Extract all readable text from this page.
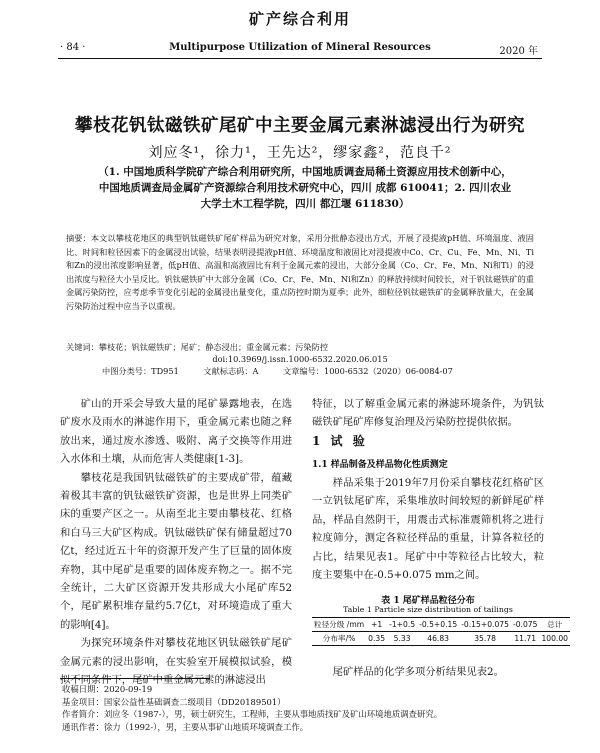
矿产综合利用
· 84 ·	Multipurpose Utilization of Mineral Resources	2020 年
攀枝花钒钛磁铁矿尾矿中主要金属元素淋滤浸出行为研究
刘应冬¹，徐力¹，王先达²，缪家鑫²，范良千²
（1. 中国地质科学院矿产综合利用研究所，中国地质调查局稀土资源应用技术创新中心，
中国地质调查局金属矿产资源综合利用技术研究中心，四川 成都 610041；2. 四川农业
大学土木工程学院，四川 都江堰 611830）
摘要：本文以攀枝花地区的典型钒钛磁铁矿尾矿样品为研究对象，采用分批静态浸出方式，开展了浸提液pH值、环境温度、液固比、时间和粒径因素下的金属浸出试验，结果表明浸提液pH值、环境温度和液固比对浸提液中Co、Cr、Cu、Fe、Mn、Ni、Ti和Zn的浸出浓度影响显著，低pH值、高温和高液固比有利于金属元素的浸出，大部分金属（Co、Cr、Fe、Mn、Ni和Ti）的浸出浓度与粒径大小呈反比。钒钛磁铁矿中大部分金属（Co、Cr、Fe、Mn、Ni和Zn）的释放持续时间较长，对于钒钛磁铁矿的重金属污染防控，应考虑季节变化引起的金属浸出量变化，重点防控时期为夏季；此外，细粒径钒钛磁铁矿的金属释放量大，在金属污染防治过程中应当予以重视。
关键词：攀枝花；钒钛磁铁矿；尾矿；静态浸出；重金属元素；污染防控
doi:10.3969/j.issn.1000-6532.2020.06.015
中图分类号：TD951	文献标志码：A	文章编号：1000-6532（2020）06-0084-07

矿山的开采会导致大量的尾矿暴露地表，在选矿废水及雨水的淋滤作用下，重金属元素也随之释放出来，通过废水渗透、吸附、离子交换等作用进入水体和土壤，从而危害人类健康[1-3]。

攀枝花是我国钒钛磁铁矿的主要成矿带，蕴藏着极其丰富的钒钛磁铁矿资源，也是世界上同类矿床的重要产区之一。从南至北主要由攀枝花、红格和白马三大矿区构成。钒钛磁铁矿保有储量超过70亿t，经过近五十年的资源开发产生了巨量的固体废弃物，其中尾矿是重要的固体废弃物之一。据不完全统计，二大矿区资源开发共形成大小尾矿库52个，尾矿累积堆存量约5.7亿t，对环境造成了重大的影响[4]。

为探究环境条件对攀枝花地区钒钛磁铁矿尾矿金属元素的浸出影响，在实验室开展模拟试验，模拟不同条件下，尾矿中重金属元素的淋滤浸出

特征，以了解重金属元素的淋滤环境条件，为钒钛磁铁矿尾矿库修复治理及污染防控提供依据。

1 试 验
1.1 样品制备及样品物化性质测定

样品采集于2019年7月份采自攀枝花红格矿区一立钒钛尾矿库，采集堆放时间较短的新鲜尾矿样品，样品自然阴干，用震击式标准震筛机将之进行粒度筛分，测定各粒径样品的重量，计算各粒径的占比，结果见表1。尾矿中中等粒径占比较大，粒度主要集中在-0.5+0.075 mm之间。

表 1 尾矿样品粒径分布
Table 1 Particle size distribution of tailings
粒径分级 /mm	+1	-1+0.5	-0.5+0.15	-0.15+0.075	-0.075	总计
分布率/%	0.35	5.33	46.83	35.78	11.71	100.00
尾矿样品的化学多项分析结果见表2。
收稿日期：2020-09-19
基金项目：国家公益性基础调查二级项目（DD20189501）
作者简介：刘应冬（1987-），男，硕士研究生，工程师，主要从事地质找矿及矿山环境地质调查研究。
通讯作者：徐力（1992-），男，主要从事矿山地质环境调查工作。
